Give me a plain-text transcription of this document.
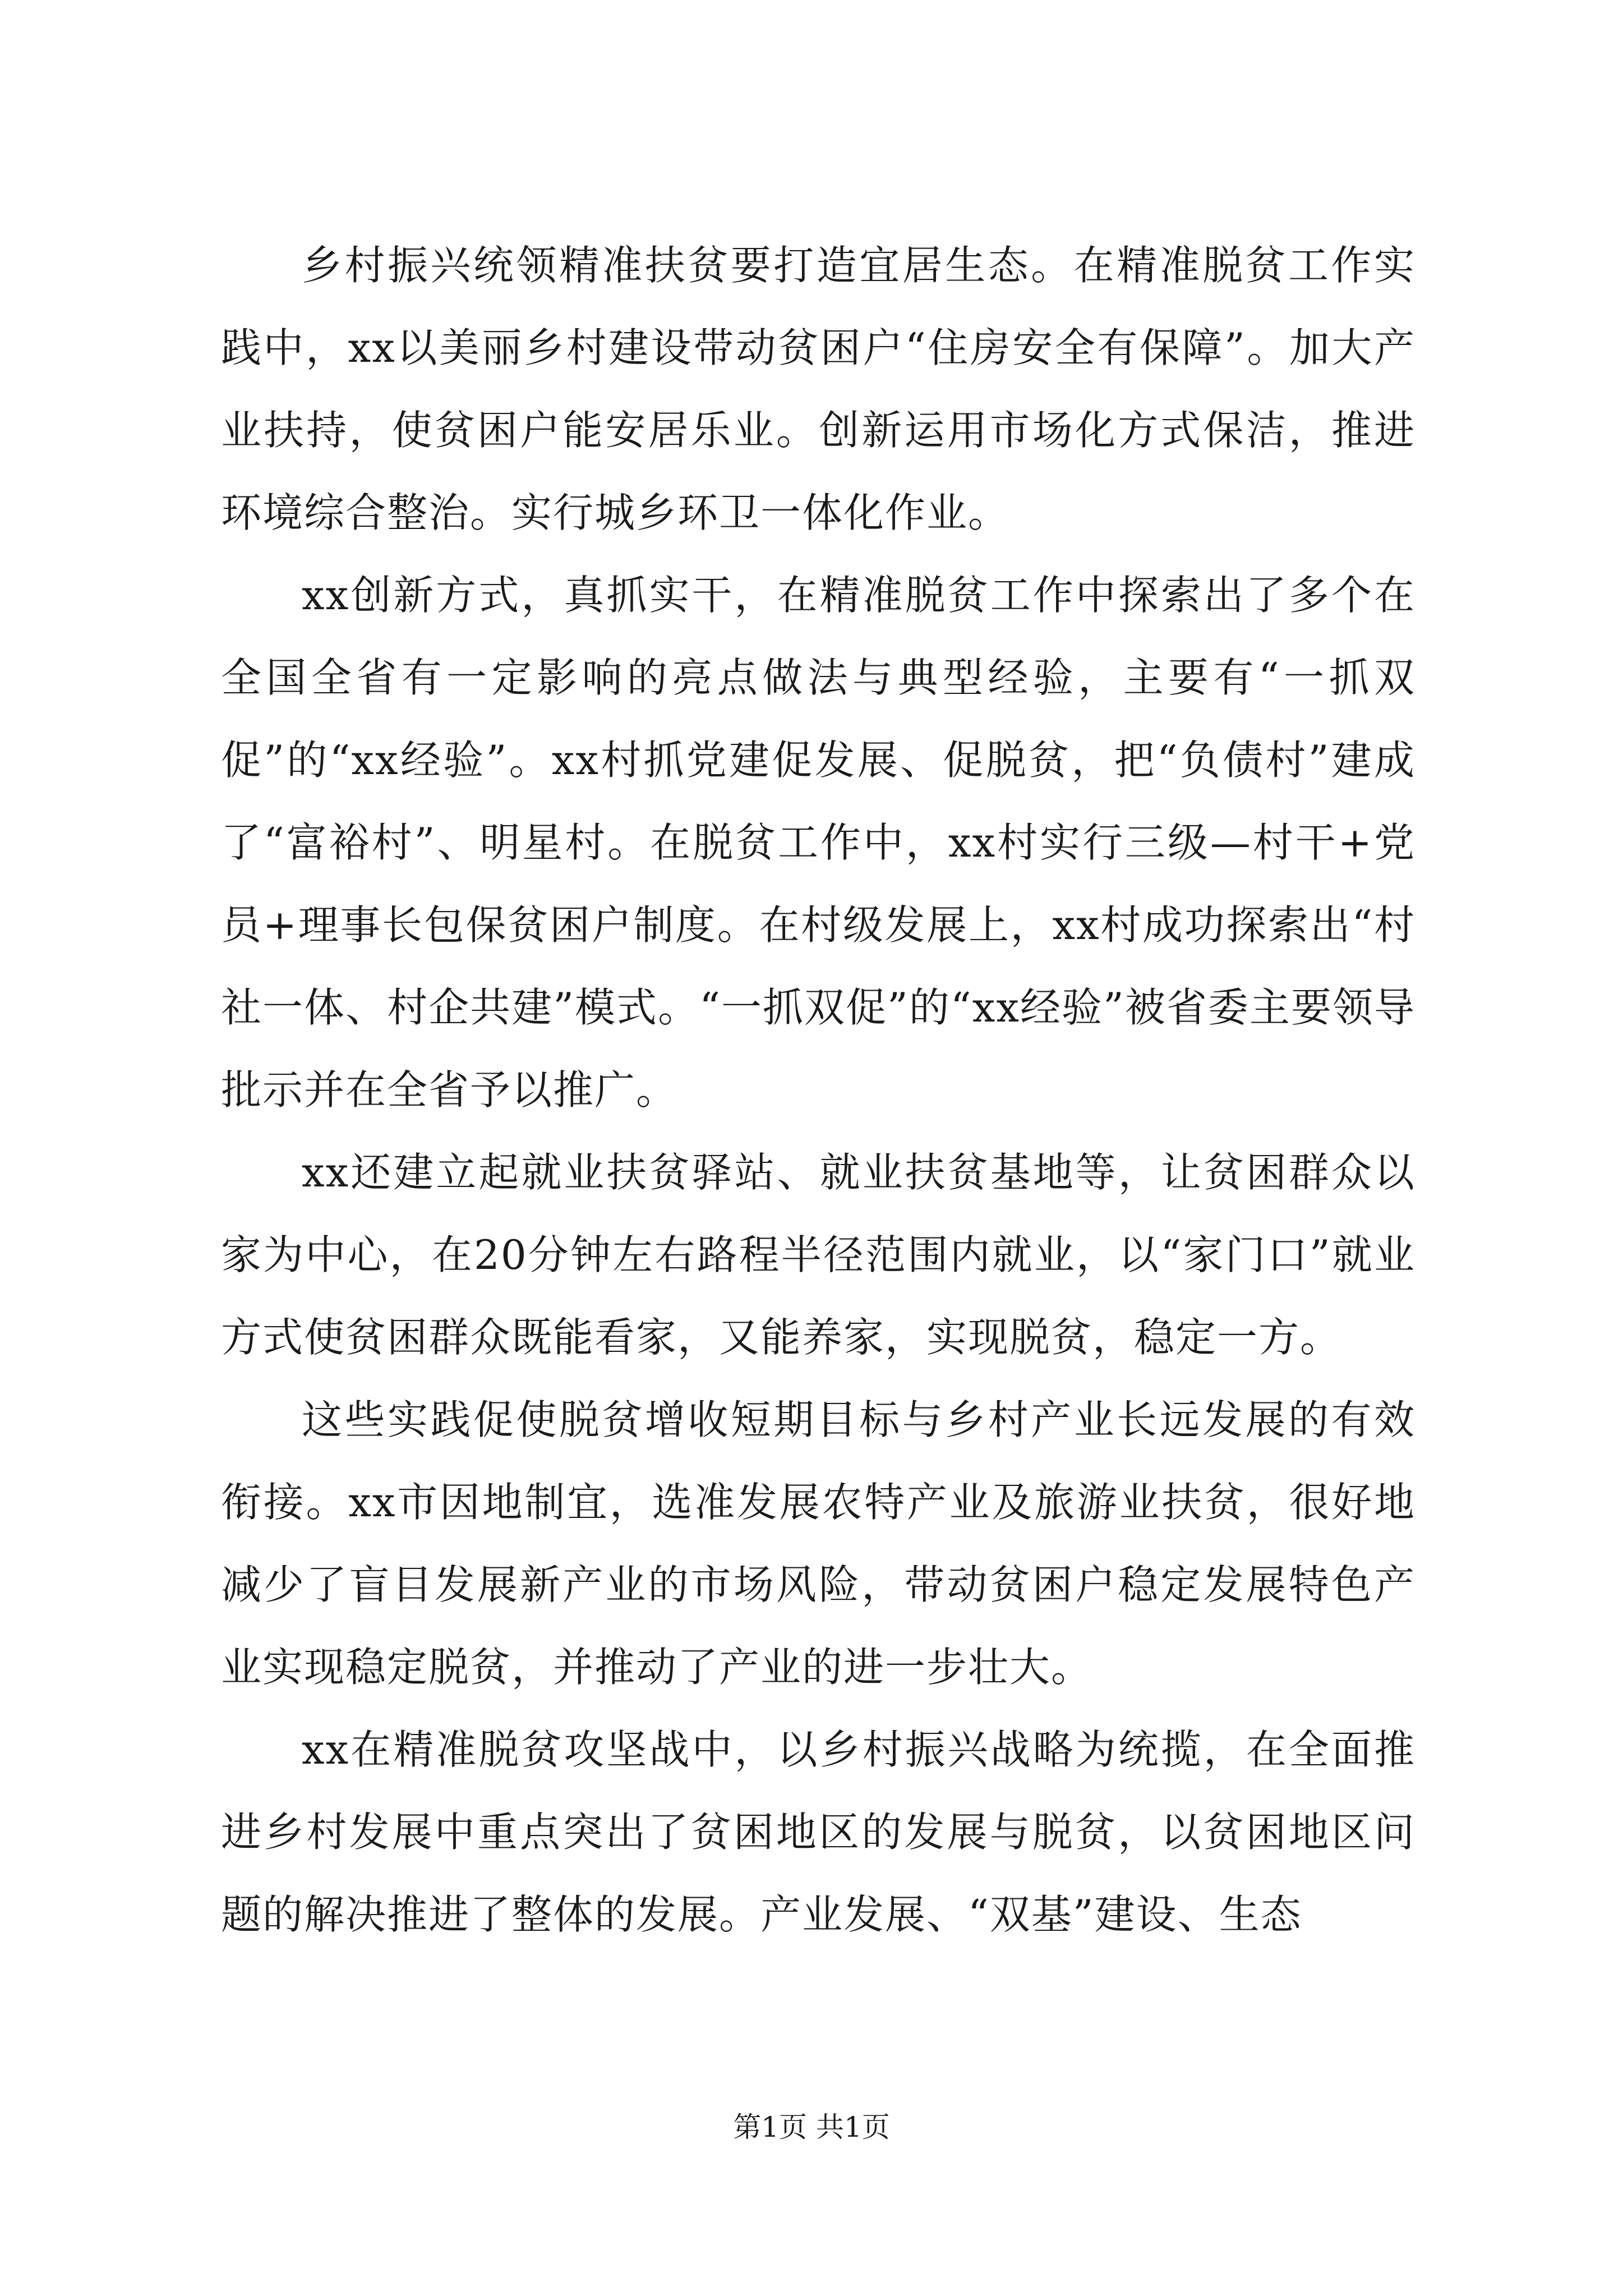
乡村振兴统领精准扶贫要打造宜居生态。在精准脱贫工作实践中，xx以美丽乡村建设带动贫困户“住房安全有保障”。加大产业扶持，使贫困户能安居乐业。创新运用市场化方式保洁，推进环境综合整治。实行城乡环卫一体化作业。

xx创新方式，真抓实干，在精准脱贫工作中探索出了多个在全国全省有一定影响的亮点做法与典型经验，主要有“一抓双促”的“xx经验”。xx村抓党建促发展、促脱贫，把“负债村”建成了“富裕村”、明星村。在脱贫工作中，xx村实行三级—村干+党员+理事长包保贫困户制度。在村级发展上，xx村成功探索出“村社一体、村企共建”模式。“一抓双促”的“xx经验”被省委主要领导批示并在全省予以推广。

xx还建立起就业扶贫驿站、就业扶贫基地等，让贫困群众以家为中心，在20分钟左右路程半径范围内就业，以“家门口”就业方式使贫困群众既能看家，又能养家，实现脱贫，稳定一方。

这些实践促使脱贫增收短期目标与乡村产业长远发展的有效衔接。xx市因地制宜，选准发展农特产业及旅游业扶贫，很好地减少了盲目发展新产业的市场风险，带动贫困户稳定发展特色产业实现稳定脱贫，并推动了产业的进一步壮大。

xx在精准脱贫攻坚战中，以乡村振兴战略为统揽，在全面推进乡村发展中重点突出了贫困地区的发展与脱贫，以贫困地区问题的解决推进了整体的发展。产业发展、“双基”建设、生态

第1页 共1页
